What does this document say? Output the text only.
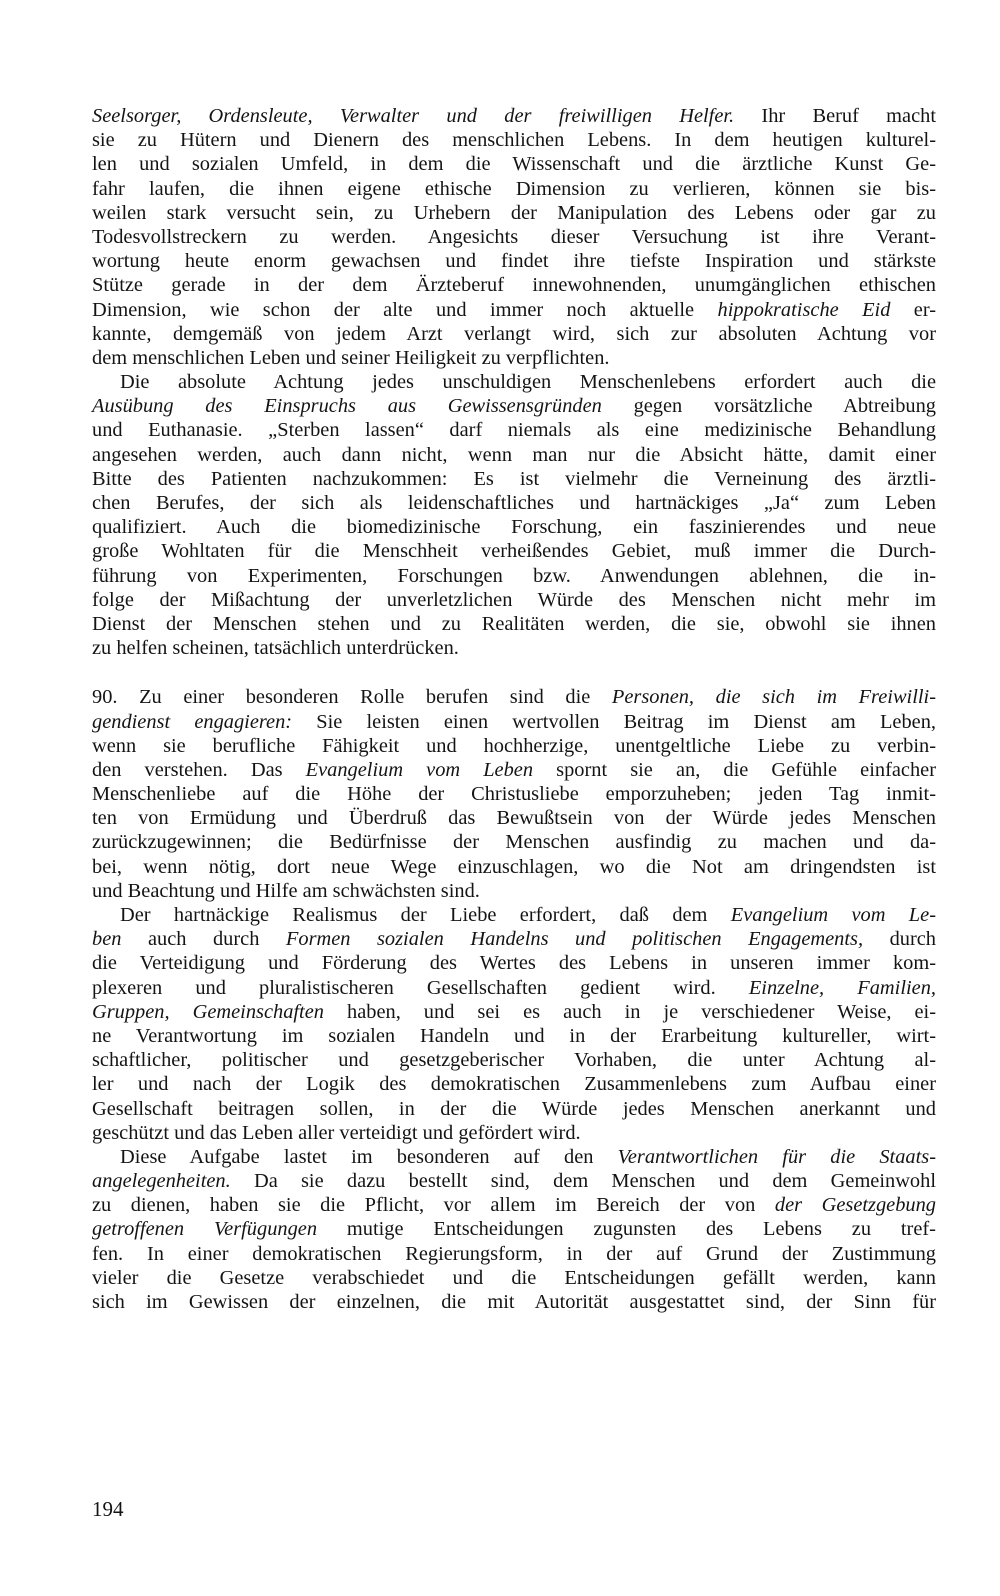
Seelsorger, Ordensleute, Verwalter und der freiwilligen Helfer. Ihr Beruf macht
sie zu Hütern und Dienern des menschlichen Lebens. In dem heutigen kulturel-
len und sozialen Umfeld, in dem die Wissenschaft und die ärztliche Kunst Ge-
fahr laufen, die ihnen eigene ethische Dimension zu verlieren, können sie bis-
weilen stark versucht sein, zu Urhebern der Manipulation des Lebens oder gar zu
Todesvollstreckern zu werden. Angesichts dieser Versuchung ist ihre Verant-
wortung heute enorm gewachsen und findet ihre tiefste Inspiration und stärkste
Stütze gerade in der dem Ärzteberuf innewohnenden, unumgänglichen ethischen
Dimension, wie schon der alte und immer noch aktuelle hippokratische Eid er-
kannte, demgemäß von jedem Arzt verlangt wird, sich zur absoluten Achtung vor
dem menschlichen Leben und seiner Heiligkeit zu verpflichten.
Die absolute Achtung jedes unschuldigen Menschenlebens erfordert auch die
Ausübung des Einspruchs aus Gewissensgründen gegen vorsätzliche Abtreibung
und Euthanasie. „Sterben lassen“ darf niemals als eine medizinische Behandlung
angesehen werden, auch dann nicht, wenn man nur die Absicht hätte, damit einer
Bitte des Patienten nachzukommen: Es ist vielmehr die Verneinung des ärztli-
chen Berufes, der sich als leidenschaftliches und hartnäckiges „Ja“ zum Leben
qualifiziert. Auch die biomedizinische Forschung, ein faszinierendes und neue
große Wohltaten für die Menschheit verheißendes Gebiet, muß immer die Durch-
führung von Experimenten, Forschungen bzw. Anwendungen ablehnen, die in-
folge der Mißachtung der unverletzlichen Würde des Menschen nicht mehr im
Dienst der Menschen stehen und zu Realitäten werden, die sie, obwohl sie ihnen
zu helfen scheinen, tatsächlich unterdrücken.
90. Zu einer besonderen Rolle berufen sind die Personen, die sich im Freiwilli-
gendienst engagieren: Sie leisten einen wertvollen Beitrag im Dienst am Leben,
wenn sie berufliche Fähigkeit und hochherzige, unentgeltliche Liebe zu verbin-
den verstehen. Das Evangelium vom Leben spornt sie an, die Gefühle einfacher
Menschenliebe auf die Höhe der Christusliebe emporzuheben; jeden Tag inmit-
ten von Ermüdung und Überdruß das Bewußtsein von der Würde jedes Menschen
zurückzugewinnen; die Bedürfnisse der Menschen ausfindig zu machen und da-
bei, wenn nötig, dort neue Wege einzuschlagen, wo die Not am dringendsten ist
und Beachtung und Hilfe am schwächsten sind.
Der hartnäckige Realismus der Liebe erfordert, daß dem Evangelium vom Le-
ben auch durch Formen sozialen Handelns und politischen Engagements, durch
die Verteidigung und Förderung des Wertes des Lebens in unseren immer kom-
plexeren und pluralistischeren Gesellschaften gedient wird. Einzelne, Familien,
Gruppen, Gemeinschaften haben, und sei es auch in je verschiedener Weise, ei-
ne Verantwortung im sozialen Handeln und in der Erarbeitung kultureller, wirt-
schaftlicher, politischer und gesetzgeberischer Vorhaben, die unter Achtung al-
ler und nach der Logik des demokratischen Zusammenlebens zum Aufbau einer
Gesellschaft beitragen sollen, in der die Würde jedes Menschen anerkannt und
geschützt und das Leben aller verteidigt und gefördert wird.
Diese Aufgabe lastet im besonderen auf den Verantwortlichen für die Staats-
angelegenheiten. Da sie dazu bestellt sind, dem Menschen und dem Gemeinwohl
zu dienen, haben sie die Pflicht, vor allem im Bereich der von der Gesetzgebung
getroffenen Verfügungen mutige Entscheidungen zugunsten des Lebens zu tref-
fen. In einer demokratischen Regierungsform, in der auf Grund der Zustimmung
vieler die Gesetze verabschiedet und die Entscheidungen gefällt werden, kann
sich im Gewissen der einzelnen, die mit Autorität ausgestattet sind, der Sinn für
194
